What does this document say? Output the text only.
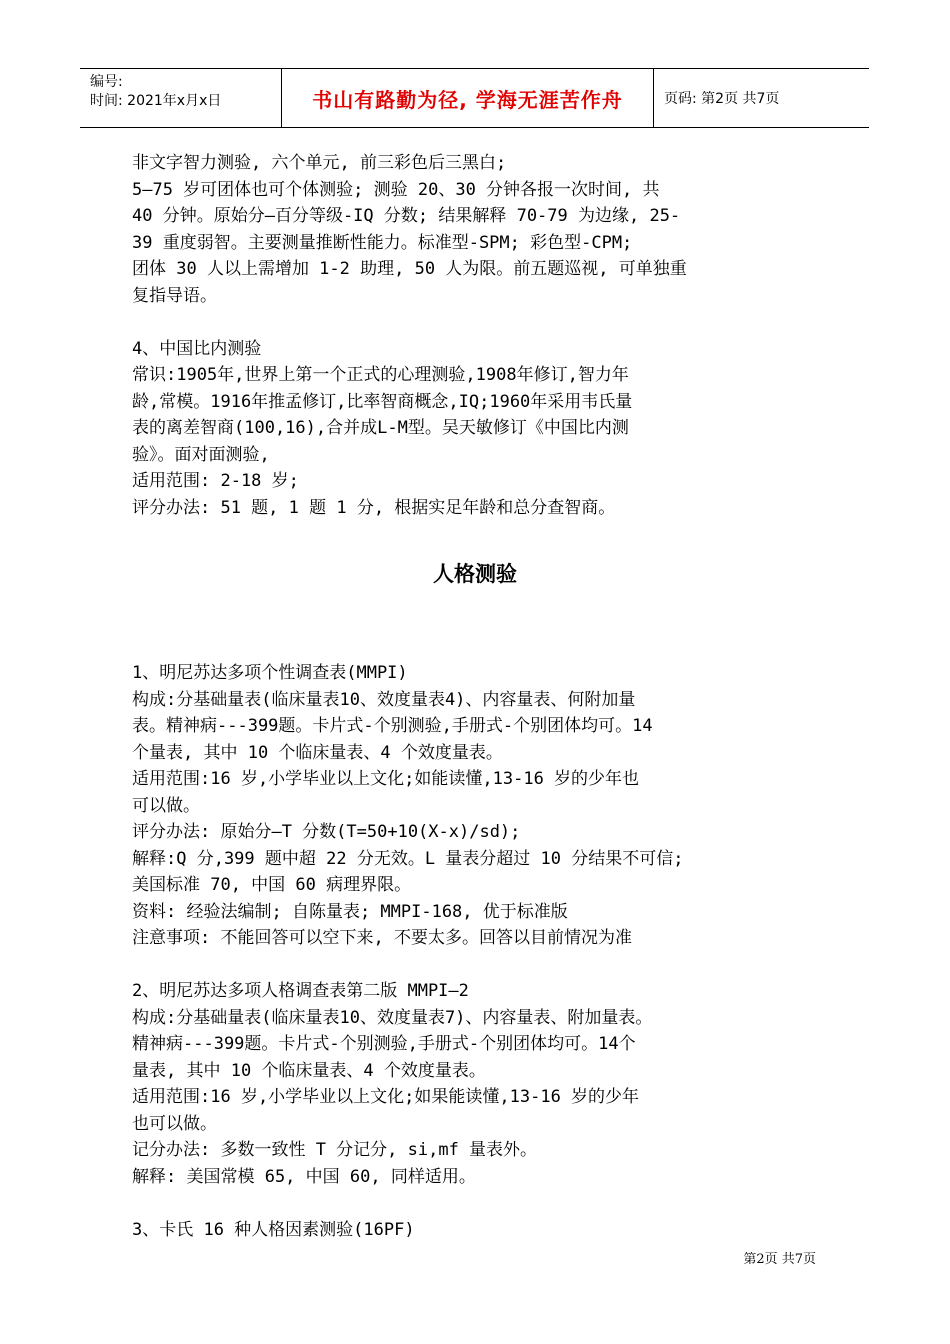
编号:
时间: 2021年x月x日	书山有路勤为径, 学海无涯苦作舟	页码: 第2页 共7页

非文字智力测验, 六个单元, 前三彩色后三黑白;

5—75 岁可团体也可个体测验; 测验 20、30 分钟各报一次时间, 共

40 分钟。原始分—百分等级-IQ 分数; 结果解释 70-79 为边缘, 25-

39 重度弱智。主要测量推断性能力。标准型-SPM; 彩色型-CPM;

团体 30 人以上需增加 1-2 助理, 50 人为限。前五题巡视, 可单独重

复指导语。

4、中国比内测验

常识:1905年,世界上第一个正式的心理测验,1908年修订,智力年

龄,常模。1916年推孟修订,比率智商概念,IQ;1960年采用韦氏量

表的离差智商(100,16),合并成L-M型。吴天敏修订《中国比内测

验》。面对面测验,

适用范围: 2-18 岁;

评分办法: 51 题, 1 题 1 分, 根据实足年龄和总分查智商。

人格测验

1、明尼苏达多项个性调查表(MMPI)

构成:分基础量表(临床量表10、效度量表4)、内容量表、何附加量

表。精神病---399题。卡片式-个别测验,手册式-个别团体均可。14

个量表, 其中 10 个临床量表、4 个效度量表。

适用范围:16 岁,小学毕业以上文化;如能读懂,13-16 岁的少年也

可以做。

评分办法: 原始分—T 分数(T=50+10(X-x)/sd);

解释:Q 分,399 题中超 22 分无效。L 量表分超过 10 分结果不可信;

美国标准 70, 中国 60 病理界限。

资料: 经验法编制; 自陈量表; MMPI-168, 优于标准版

注意事项: 不能回答可以空下来, 不要太多。回答以目前情况为准

2、明尼苏达多项人格调查表第二版 MMPI—2

构成:分基础量表(临床量表10、效度量表7)、内容量表、附加量表。

精神病---399题。卡片式-个别测验,手册式-个别团体均可。14个

量表, 其中 10 个临床量表、4 个效度量表。

适用范围:16 岁,小学毕业以上文化;如果能读懂,13-16 岁的少年

也可以做。

记分办法: 多数一致性 T 分记分, si,mf 量表外。

解释: 美国常模 65, 中国 60, 同样适用。

3、卡氏 16 种人格因素测验(16PF)

第2页 共7页
